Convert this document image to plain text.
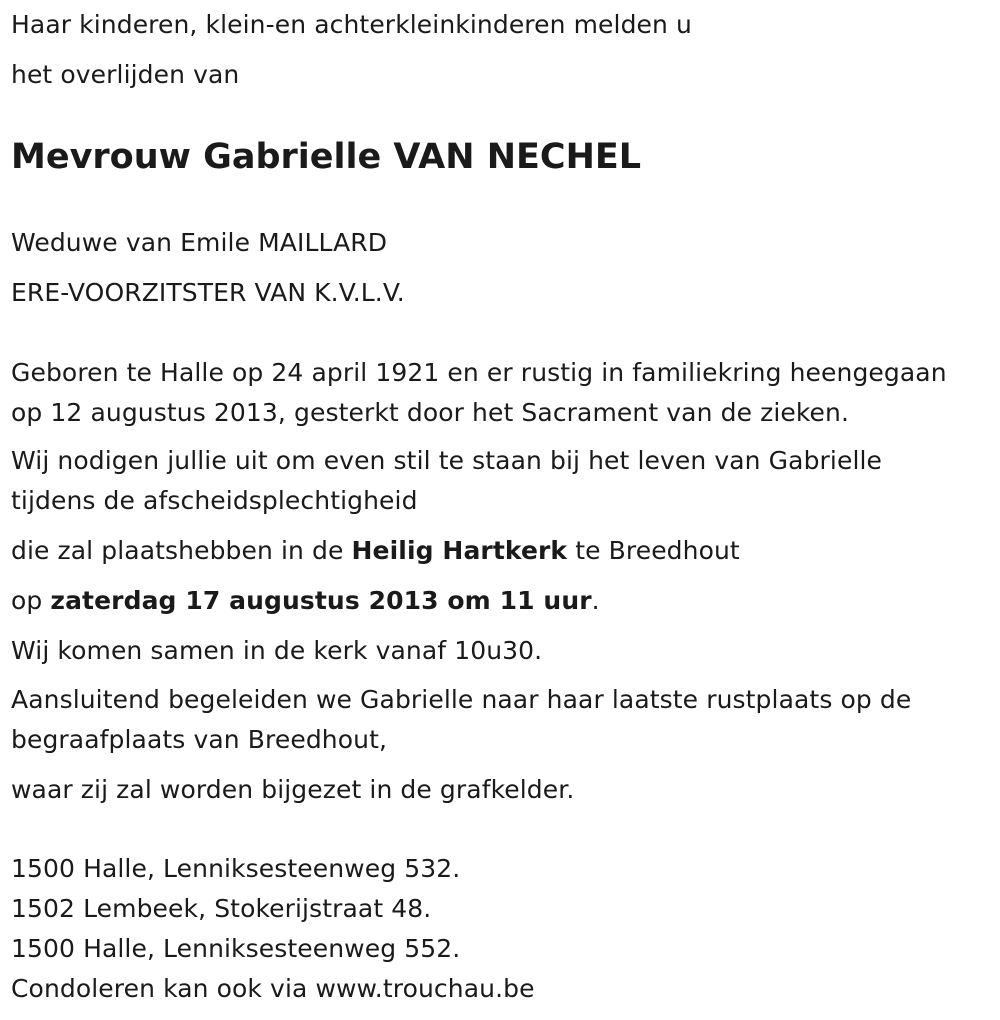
Haar kinderen, klein-en achterkleinkinderen melden u
het overlijden van
Mevrouw Gabrielle VAN NECHEL
Weduwe van Emile MAILLARD
ERE-VOORZITSTER VAN K.V.L.V.
Geboren te Halle op 24 april 1921 en er rustig in familiekring heengegaan
op 12 augustus 2013, gesterkt door het Sacrament van de zieken.
Wij nodigen jullie uit om even stil te staan bij het leven van Gabrielle
tijdens de afscheidsplechtigheid
die zal plaatshebben in de Heilig Hartkerk te Breedhout
op zaterdag 17 augustus 2013 om 11 uur.
Wij komen samen in de kerk vanaf 10u30.
Aansluitend begeleiden we Gabrielle naar haar laatste rustplaats op de
begraafplaats van Breedhout,
waar zij zal worden bijgezet in de grafkelder.
1500 Halle, Lenniksesteenweg 532.
1502 Lembeek, Stokerijstraat 48.
1500 Halle, Lenniksesteenweg 552.
Condoleren kan ook via www.trouchau.be
